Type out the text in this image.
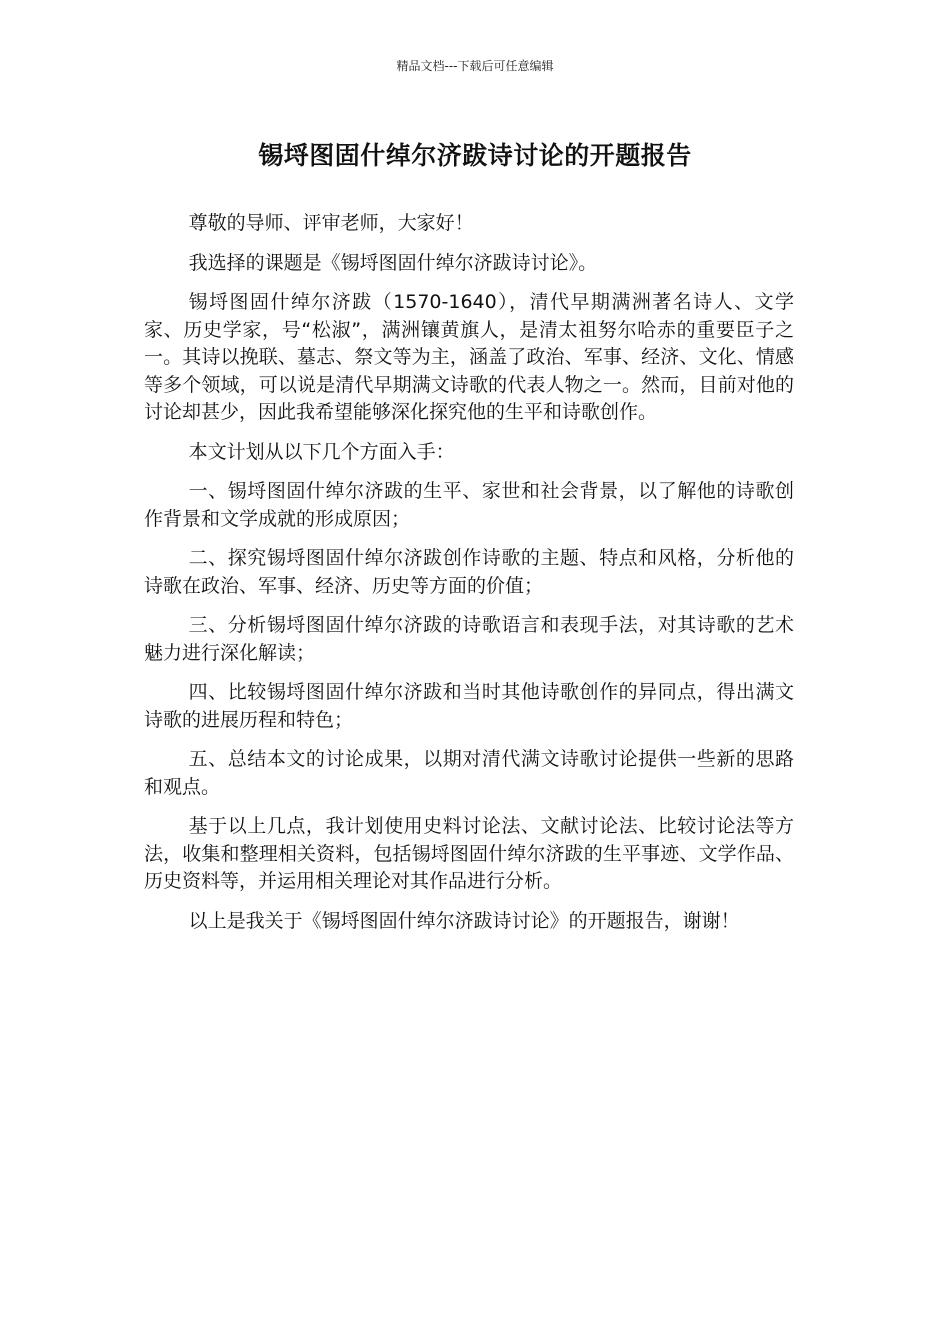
精品文档---下载后可任意编辑
锡埒图固什绰尔济跋诗讨论的开题报告

尊敬的导师、评审老师，大家好！

我选择的课题是《锡埒图固什绰尔济跋诗讨论》。

锡埒图固什绰尔济跋（1570-1640），清代早期满洲著名诗人、文学家、历史学家，号“松淑”，满洲镶黄旗人，是清太祖努尔哈赤的重要臣子之一。其诗以挽联、墓志、祭文等为主，涵盖了政治、军事、经济、文化、情感等多个领域，可以说是清代早期满文诗歌的代表人物之一。然而，目前对他的讨论却甚少，因此我希望能够深化探究他的生平和诗歌创作。

本文计划从以下几个方面入手：

一、锡埒图固什绰尔济跋的生平、家世和社会背景，以了解他的诗歌创作背景和文学成就的形成原因；

二、探究锡埒图固什绰尔济跋创作诗歌的主题、特点和风格，分析他的诗歌在政治、军事、经济、历史等方面的价值；

三、分析锡埒图固什绰尔济跋的诗歌语言和表现手法，对其诗歌的艺术魅力进行深化解读；

四、比较锡埒图固什绰尔济跋和当时其他诗歌创作的异同点，得出满文诗歌的进展历程和特色；

五、总结本文的讨论成果，以期对清代满文诗歌讨论提供一些新的思路和观点。

基于以上几点，我计划使用史料讨论法、文献讨论法、比较讨论法等方法，收集和整理相关资料，包括锡埒图固什绰尔济跋的生平事迹、文学作品、历史资料等，并运用相关理论对其作品进行分析。

以上是我关于《锡埒图固什绰尔济跋诗讨论》的开题报告，谢谢！
